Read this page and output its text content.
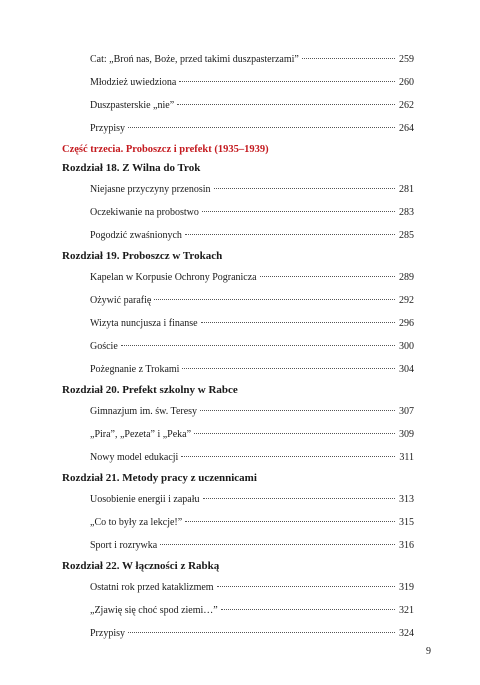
Cat: „Broń nas, Boże, przed takimi duszpasterzami”	259
Młodzież uwiedziona	260
Duszpasterskie „nie”	262
Przypisy	264
Część trzecia. Proboszcz i prefekt (1935–1939)
Rozdział 18. Z Wilna do Trok
Niejasne przyczyny przenosin	281
Oczekiwanie na probostwo	283
Pogodzić zwaśnionych	285
Rozdział 19. Proboszcz w Trokach
Kapelan w Korpusie Ochrony Pogranicza	289
Ożywić parafię	292
Wizyta nuncjusza i finanse	296
Goście	300
Pożegnanie z Trokami	304
Rozdział 20. Prefekt szkolny w Rabce
Gimnazjum im. św. Teresy	307
„Pira”, „Pezeta” i „Peka”	309
Nowy model edukacji	311
Rozdział 21. Metody pracy z uczennicami
Uosobienie energii i zapału	313
„Co to były za lekcje!”	315
Sport i rozrywka	316
Rozdział 22. W łączności z Rabką
Ostatni rok przed kataklizmem	319
„Zjawię się choć spod ziemi…”	321
Przypisy	324
9
